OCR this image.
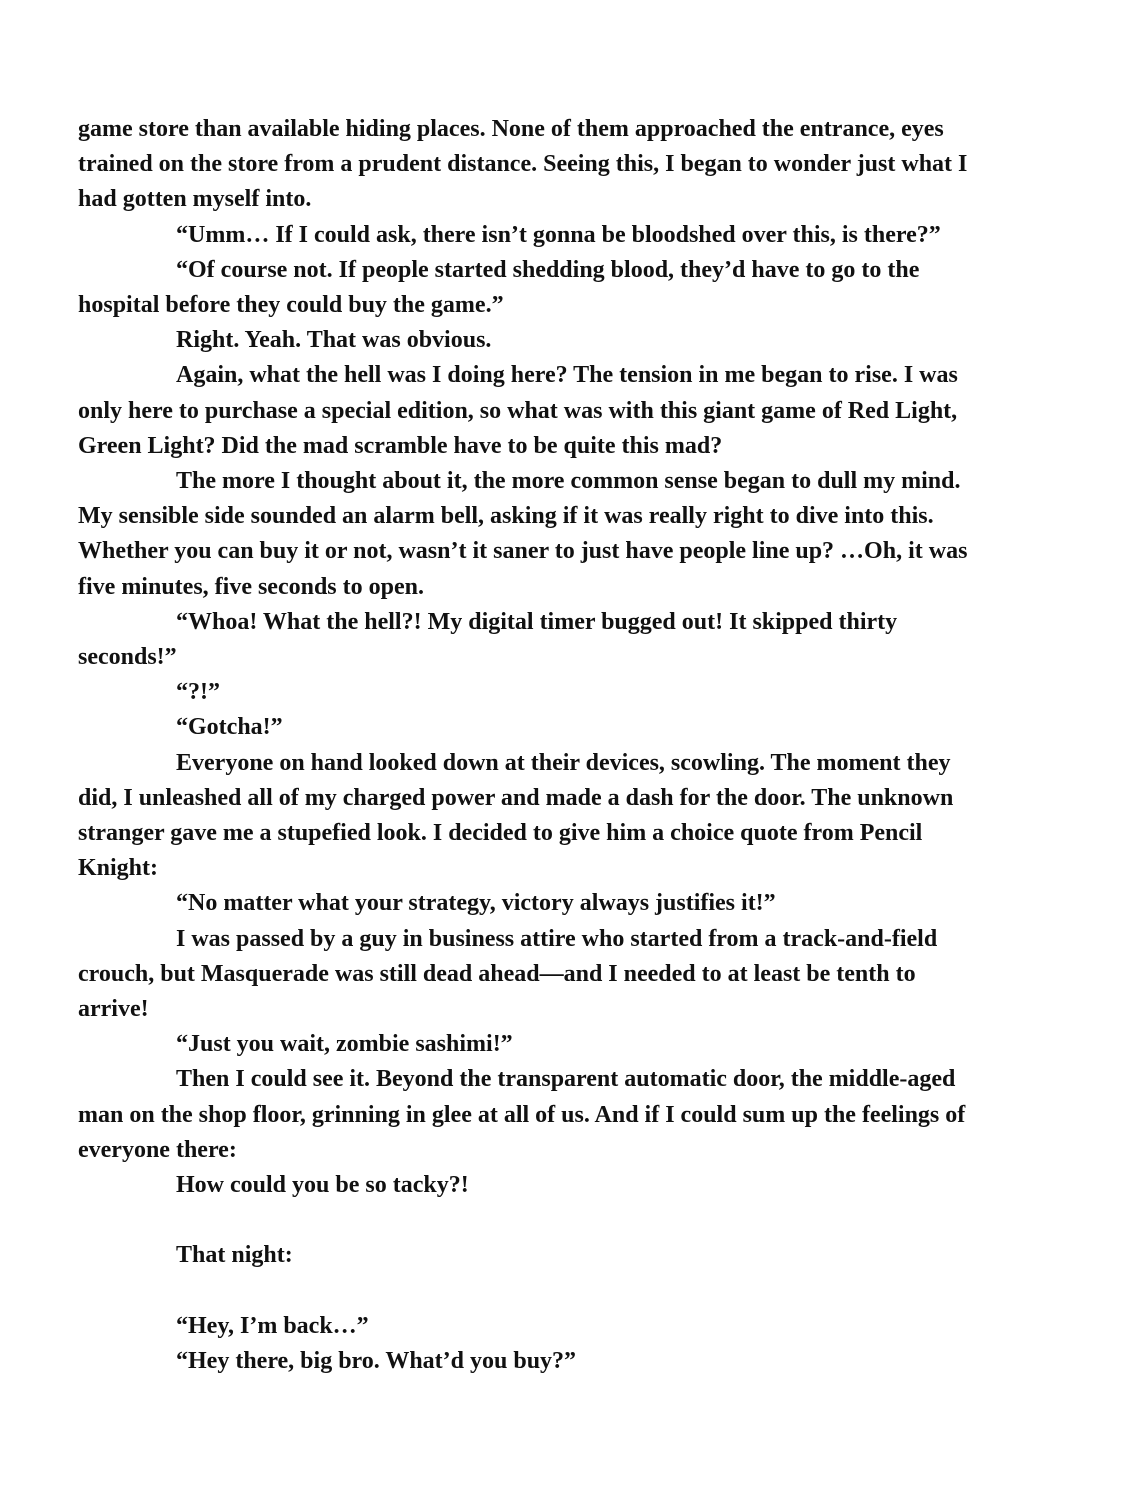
game store than available hiding places. None of them approached the entrance, eyes trained on the store from a prudent distance. Seeing this, I began to wonder just what I had gotten myself into.

“Umm… If I could ask, there isn’t gonna be bloodshed over this, is there?”

“Of course not. If people started shedding blood, they’d have to go to the hospital before they could buy the game.”

Right. Yeah. That was obvious.

Again, what the hell was I doing here? The tension in me began to rise. I was only here to purchase a special edition, so what was with this giant game of Red Light, Green Light? Did the mad scramble have to be quite this mad?

The more I thought about it, the more common sense began to dull my mind. My sensible side sounded an alarm bell, asking if it was really right to dive into this. Whether you can buy it or not, wasn’t it saner to just have people line up? …Oh, it was five minutes, five seconds to open.

“Whoa! What the hell?! My digital timer bugged out! It skipped thirty seconds!”

“?!”

“Gotcha!”

Everyone on hand looked down at their devices, scowling. The moment they did, I unleashed all of my charged power and made a dash for the door. The unknown stranger gave me a stupefied look. I decided to give him a choice quote from Pencil Knight:

“No matter what your strategy, victory always justifies it!”

I was passed by a guy in business attire who started from a track-and-field crouch, but Masquerade was still dead ahead—and I needed to at least be tenth to arrive!

“Just you wait, zombie sashimi!”

Then I could see it. Beyond the transparent automatic door, the middle-aged man on the shop floor, grinning in glee at all of us. And if I could sum up the feelings of everyone there:

How could you be so tacky?!

That night:

“Hey, I’m back…”

“Hey there, big bro. What’d you buy?”
